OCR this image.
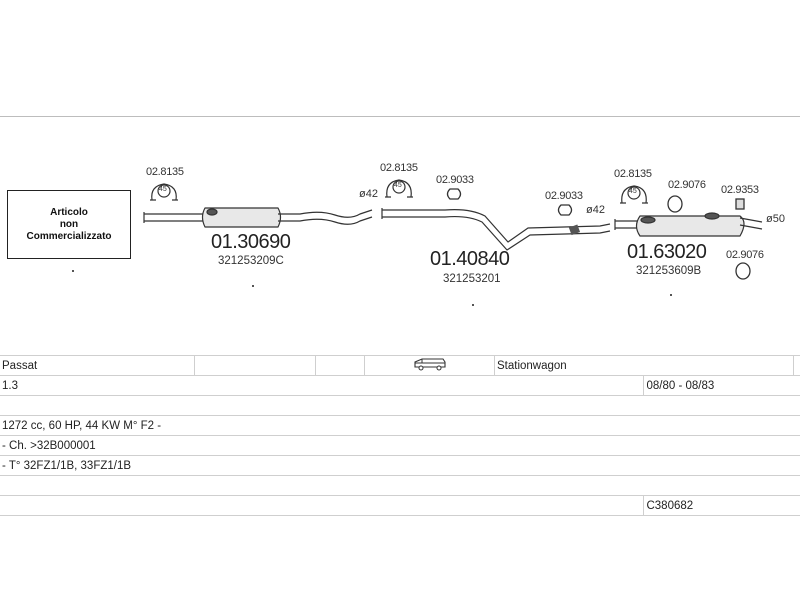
Articolo
non
Commercializzato
02.8135	02.8135	02.8135
45
45
45
02.9033
02.9033
02.9076 02.9353
02.9076
ø42
ø42
ø50
01.30690
321253209C	01.40840
321253201
01.63020
321253609B
Passat				Stationwagon		
1.3					08/80 - 08/83	

1272 cc, 60 HP, 44 KW M° F2 -						
- Ch. >32B000001						
- T° 32FZ1/1B, 33FZ1/1B						

					C380682	
